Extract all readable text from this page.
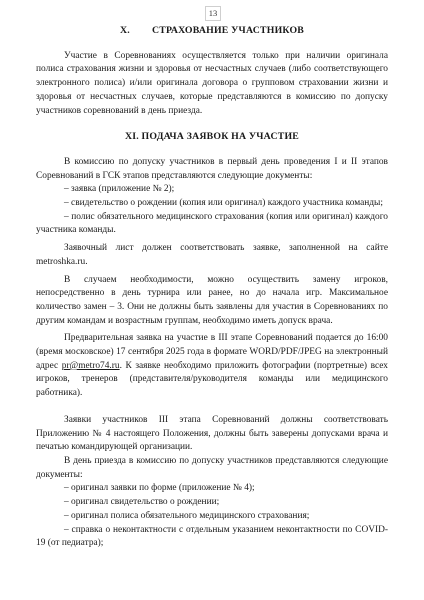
13
X. СТРАХОВАНИЕ УЧАСТНИКОВ

Участие в Соревнованиях осуществляется только при наличии оригинала полиса страхования жизни и здоровья от несчастных случаев (либо соответствующего электронного полиса) и/или оригинала договора о групповом страховании жизни и здоровья от несчастных случаев, которые представляются в комиссию по допуску участников соревнований в день приезда.

XI. ПОДАЧА ЗАЯВОК НА УЧАСТИЕ

В комиссию по допуску участников в первый день проведения I и II этапов Соревнований в ГСК этапов представляются следующие документы:

– заявка (приложение № 2);

– свидетельство о рождении (копия или оригинал) каждого участника команды;

– полис обязательного медицинского страхования (копия или оригинал) каждого участника команды.

Заявочный лист должен соответствовать заявке, заполненной на сайте metroshka.ru.

В случаем необходимости, можно осуществить замену игроков, непосредственно в день турнира или ранее, но до начала игр. Максимальное количество замен – 3. Они не должны быть заявлены для участия в Соревнованиях по другим командам и возрастным группам, необходимо иметь допуск врача.

Предварительная заявка на участие в III этапе Соревнований подается до 16:00 (время московское) 17 сентября 2025 года в формате WORD/PDF/JPEG на электронный адрес pr@metro74.ru. К заявке необходимо приложить фотографии (портретные) всех игроков, тренеров (представителя/руководителя команды или медицинского работника).

Заявки участников III этапа Соревнований должны соответствовать Приложению № 4 настоящего Положения, должны быть заверены допусками врача и печатью командирующей организации.

В день приезда в комиссию по допуску участников представляются следующие документы:

– оригинал заявки по форме (приложение № 4);

– оригинал свидетельство о рождении;

– оригинал полиса обязательного медицинского страхования;

– справка о неконтактности с отдельным указанием неконтактности по COVID-19 (от педиатра);
